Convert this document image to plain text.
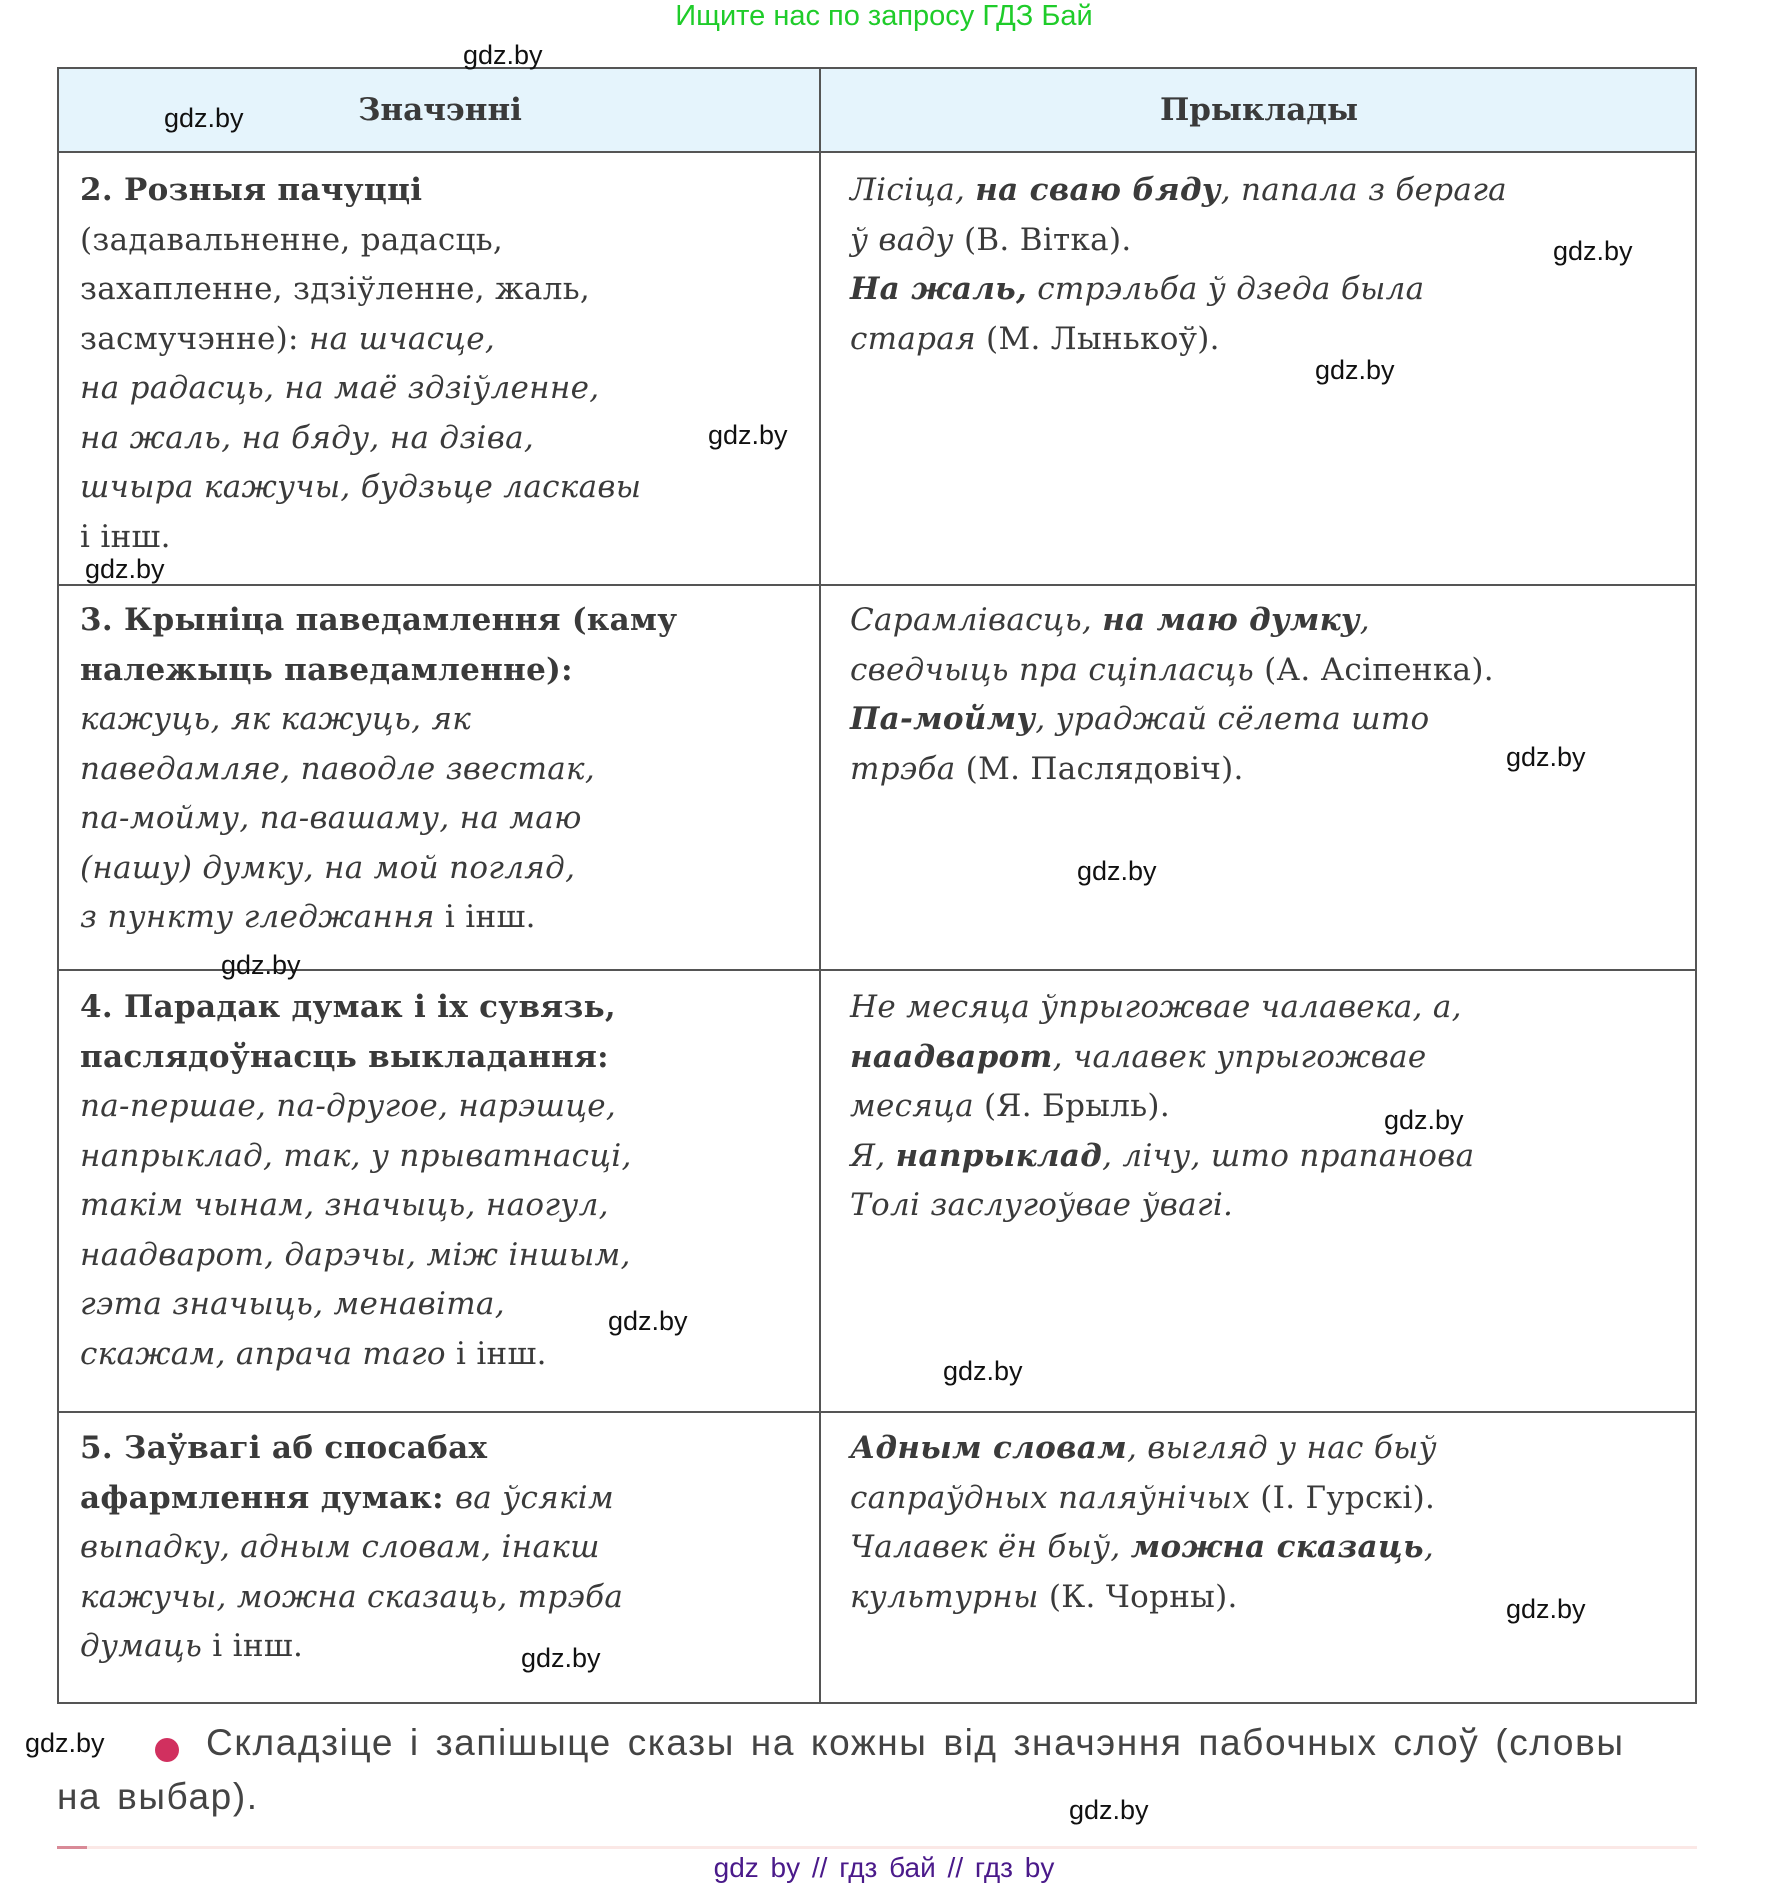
Ищите нас по запросу ГДЗ Бай
Значэнні	Прыклады
2. Розныя пачуцці
(задавальненне, радасць,
захапленне, здзіўленне, жаль,
засмучэнне): на шчасце,
на радасць, на маё здзіўленне,
на жаль, на бяду, на дзіва,
шчыра кажучы, будзьце ласкавы
і інш.
Лісіца, на сваю бяду, папала з берага
ў ваду (В. Вітка).
На жаль, стрэльба ў дзеда была
старая (М. Лынькоў).
3. Крыніца паведамлення (каму
належыць паведамленне):
кажуць, як кажуць, як
паведамляе, паводле звестак,
па-мойму, па-вашаму, на маю
(нашу) думку, на мой погляд,
з пункту гледжання і інш.
Сарамлівасць, на маю думку,
сведчыць пра сціпласць (А. Асіпенка).
Па-мойму, ураджай сёлета што
трэба (М. Паслядовіч).
4. Парадак думак і іх сувязь,
паслядоўнасць выкладання:
па-першае, па-другое, нарэшце,
напрыклад, так, у прыватнасці,
такім чынам, значыць, наогул,
наадварот, дарэчы, між іншым,
гэта значыць, менавіта,
скажам, апрача таго і інш.
Не месяца ўпрыгожвае чалавека, а,
наадварот, чалавек упрыгожвае
месяца (Я. Брыль).
Я, напрыклад, лічу, што прапанова
Толі заслугоўвае ўвагі.
5. Заўвагі аб спосабах
афармлення думак: ва ўсякім
выпадку, адным словам, інакш
кажучы, можна сказаць, трэба
думаць і інш.
Адным словам, выгляд у нас быў
сапраўдных паляўнічых (І. Гурскі).
Чалавек ён быў, можна сказаць,
культурны (К. Чорны).
Складзіце і запішыце сказы на кожны від значэння пабочных слоў (словы
на выбар).
gdz by // гдз бай // гдз by
gdz.by
gdz.by
gdz.by
gdz.by
gdz.by
gdz.by
gdz.by
gdz.by
gdz.by
gdz.by
gdz.by
gdz.by
gdz.by
gdz.by
gdz.by
gdz.by
